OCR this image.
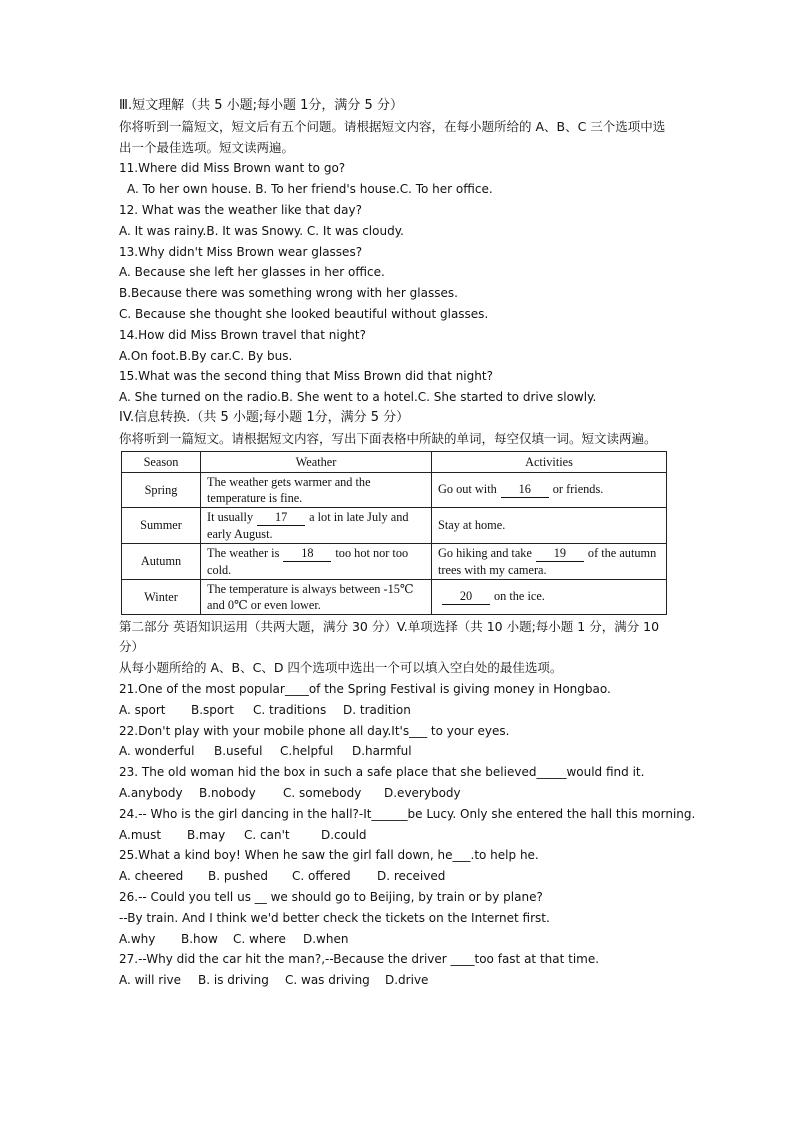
Ⅲ.短文理解（共 5 小题;每小题 1分，满分 5 分）
你将听到一篇短文，短文后有五个问题。请根据短文内容，在每小题所给的 A、B、C 三个选项中选出一个最佳选项。短文读两遍。
11.Where did Miss Brown want to go?
A. To her own house. B. To her friend's house.C. To her office.
12. What was the weather like that day?
A. It was rainy.B. It was Snowy. C. It was cloudy.
13.Why didn't Miss Brown wear glasses?
A. Because she left her glasses in her office.
B.Because there was something wrong with her glasses.
C. Because she thought she looked beautiful without glasses.
14.How did Miss Brown travel that night?
A.On foot.B.By car.C. By bus.
15.What was the second thing that Miss Brown did that night?
A. She turned on the radio.B. She went to a hotel.C. She started to drive slowly.
IV.信息转换.（共 5 小题;每小题 1分，满分 5 分）
你将听到一篇短文。请根据短文内容，写出下面表格中所缺的单词，每空仅填一词。短文读两遍。
Season	Weather	Activities
Spring	The weather gets warmer and the temperature is fine.	Go out with 16 or friends.
Summer	It usually 17 a lot in late July and early August.	Stay at home.
Autumn	The weather is 18 too hot nor too cold.	Go hiking and take 19 of the autumn trees with my camera.
Winter	The temperature is always between -15℃ and 0℃ or even lower.	20 on the ice.
第二部分 英语知识运用（共两大题，满分 30 分）V.单项选择（共 10 小题;每小题 1 分，满分 10 分）
从每小题所给的 A、B、C、D 四个选项中选出一个可以填入空白处的最佳选项。
21.One of the most popular____of the Spring Festival is giving money in Hongbao.
A. sport B.sport C. traditions D. tradition
22.Don't play with your mobile phone all day.It's___ to your eyes.
A. wonderful B.useful C.helpful D.harmful
23. The old woman hid the box in such a safe place that she believed_____would find it.
A.anybody B.nobody C. somebody D.everybody
24.-- Who is the girl dancing in the hall?-It______be Lucy. Only she entered the hall this morning.
A.must B.may C. can't	D.could
25.What a kind boy! When he saw the girl fall down, he___.to help he.
A. cheered B. pushed C. offered D. received
26.-- Could you tell us __ we should go to Beijing, by train or by plane?
--By train. And I think we'd better check the tickets on the Internet first.
A.why B.how C. where D.when
27.--Why did the car hit the man?,--Because the driver ____too fast at that time.
A. will rive B. is driving C. was driving D.drive
